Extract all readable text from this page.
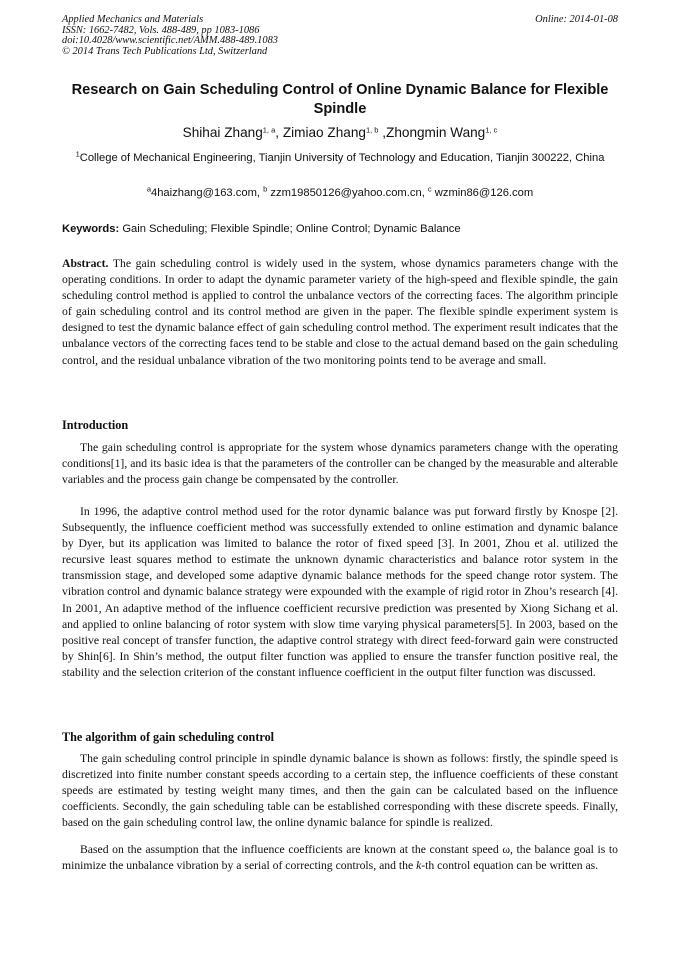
Applied Mechanics and Materials
ISSN: 1662-7482, Vols. 488-489, pp 1083-1086
doi:10.4028/www.scientific.net/AMM.488-489.1083
© 2014 Trans Tech Publications Ltd, Switzerland
Online: 2014-01-08
Research on Gain Scheduling Control of Online Dynamic Balance for Flexible Spindle
Shihai Zhang$^{1, a}$, Zimiao Zhang$^{1, b}$ ,Zhongmin Wang$^{1, c}$
$^1$College of Mechanical Engineering, Tianjin University of Technology and Education, Tianjin 300222, China
$^a$4haizhang@163.com, $^b$ zzm19850126@yahoo.com.cn, $^c$ wzmin86@126.com
Keywords: Gain Scheduling; Flexible Spindle; Online Control; Dynamic Balance
Abstract. The gain scheduling control is widely used in the system, whose dynamics parameters change with the operating conditions. In order to adapt the dynamic parameter variety of the high-speed and flexible spindle, the gain scheduling control method is applied to control the unbalance vectors of the correcting faces. The algorithm principle of gain scheduling control and its control method are given in the paper. The flexible spindle experiment system is designed to test the dynamic balance effect of gain scheduling control method. The experiment result indicates that the unbalance vectors of the correcting faces tend to be stable and close to the actual demand based on the gain scheduling control, and the residual unbalance vibration of the two monitoring points tend to be average and small.
Introduction
The gain scheduling control is appropriate for the system whose dynamics parameters change with the operating conditions[1], and its basic idea is that the parameters of the controller can be changed by the measurable and alterable variables and the process gain change be compensated by the controller.
In 1996, the adaptive control method used for the rotor dynamic balance was put forward firstly by Knospe [2]. Subsequently, the influence coefficient method was successfully extended to online estimation and dynamic balance by Dyer, but its application was limited to balance the rotor of fixed speed [3]. In 2001, Zhou et al. utilized the recursive least squares method to estimate the unknown dynamic characteristics and balance rotor system in the transmission stage, and developed some adaptive dynamic balance methods for the speed change rotor system. The vibration control and dynamic balance strategy were expounded with the example of rigid rotor in Zhou’s research [4]. In 2001, An adaptive method of the influence coefficient recursive prediction was presented by Xiong Sichang et al. and applied to online balancing of rotor system with slow time varying physical parameters[5]. In 2003, based on the positive real concept of transfer function, the adaptive control strategy with direct feed-forward gain were constructed by Shin[6]. In Shin’s method, the output filter function was applied to ensure the transfer function positive real, the stability and the selection criterion of the constant influence coefficient in the output filter function was discussed.
The algorithm of gain scheduling control
The gain scheduling control principle in spindle dynamic balance is shown as follows: firstly, the spindle speed is discretized into finite number constant speeds according to a certain step, the influence coefficients of these constant speeds are estimated by testing weight many times, and then the gain can be calculated based on the influence coefficients. Secondly, the gain scheduling table can be established corresponding with these discrete speeds. Finally, based on the gain scheduling control law, the online dynamic balance for spindle is realized.
Based on the assumption that the influence coefficients are known at the constant speed ω, the balance goal is to minimize the unbalance vibration by a serial of correcting controls, and the k-th control equation can be written as.
